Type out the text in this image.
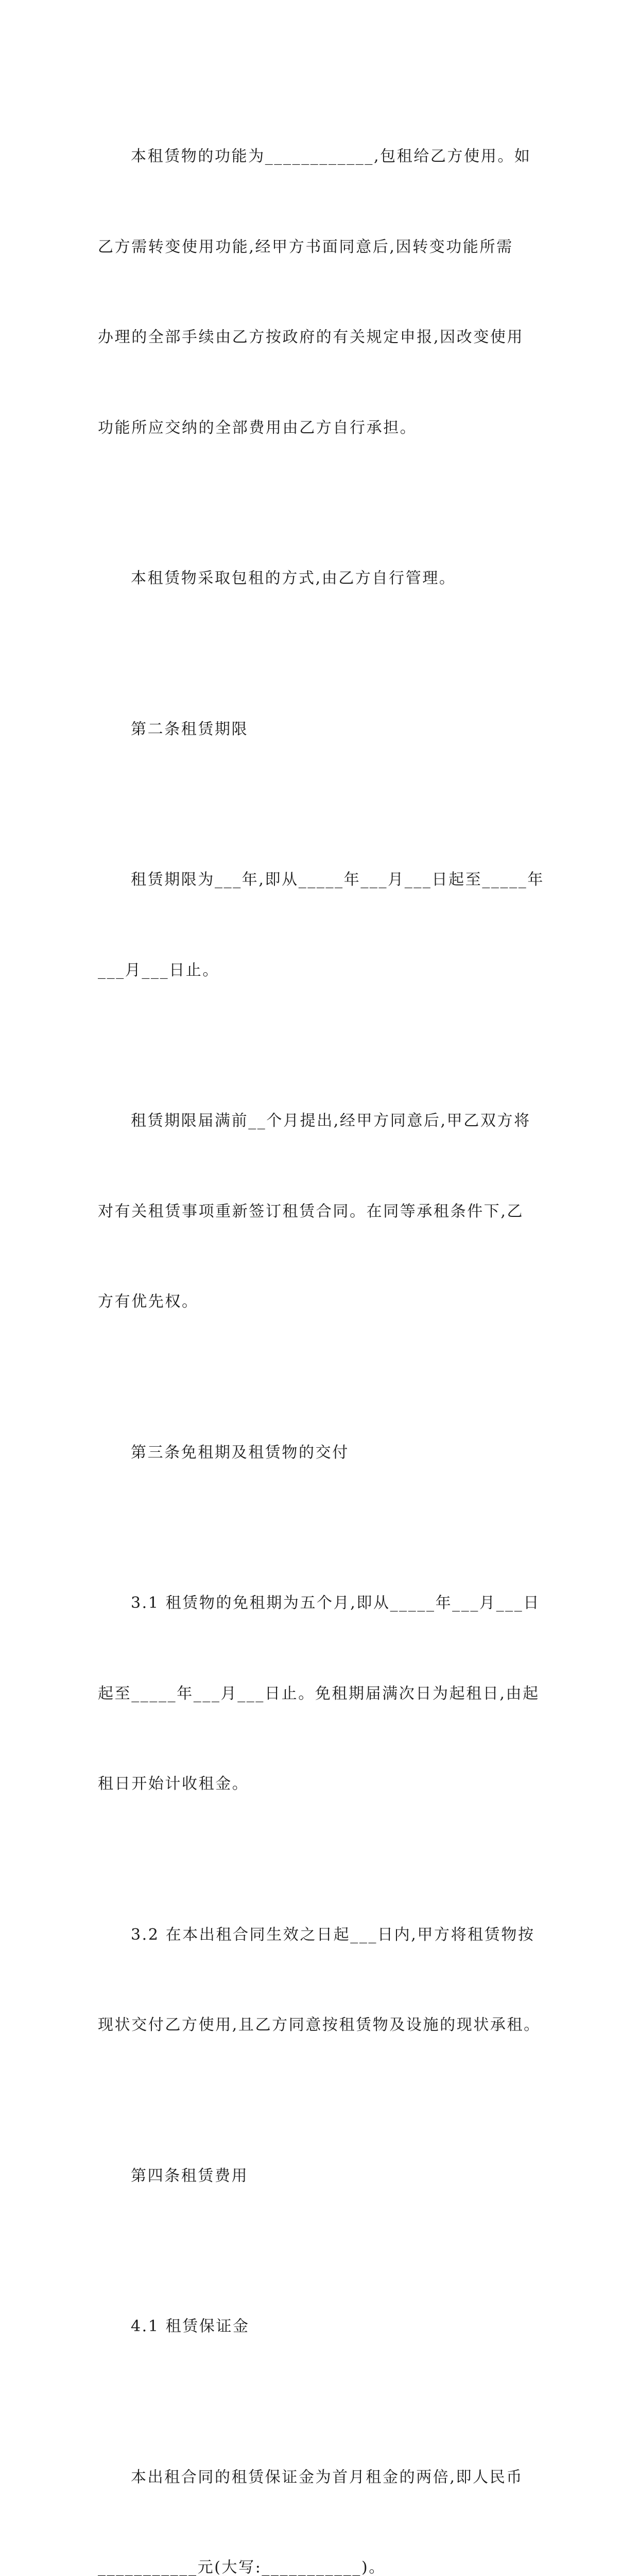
本租赁物的功能为____________,包租给乙方使用。如

乙方需转变使用功能,经甲方书面同意后,因转变功能所需

办理的全部手续由乙方按政府的有关规定申报,因改变使用

功能所应交纳的全部费用由乙方自行承担。

本租赁物采取包租的方式,由乙方自行管理。

第二条租赁期限

租赁期限为___年,即从_____年___月___日起至_____年

___月___日止。

租赁期限届满前__个月提出,经甲方同意后,甲乙双方将

对有关租赁事项重新签订租赁合同。在同等承租条件下,乙

方有优先权。

第三条免租期及租赁物的交付

3.1 租赁物的免租期为五个月,即从_____年___月___日

起至_____年___月___日止。免租期届满次日为起租日,由起

租日开始计收租金。

3.2 在本出租合同生效之日起___日内,甲方将租赁物按

现状交付乙方使用,且乙方同意按租赁物及设施的现状承租。

第四条租赁费用

4.1 租赁保证金

本出租合同的租赁保证金为首月租金的两倍,即人民币

___________元(大写:___________)。
